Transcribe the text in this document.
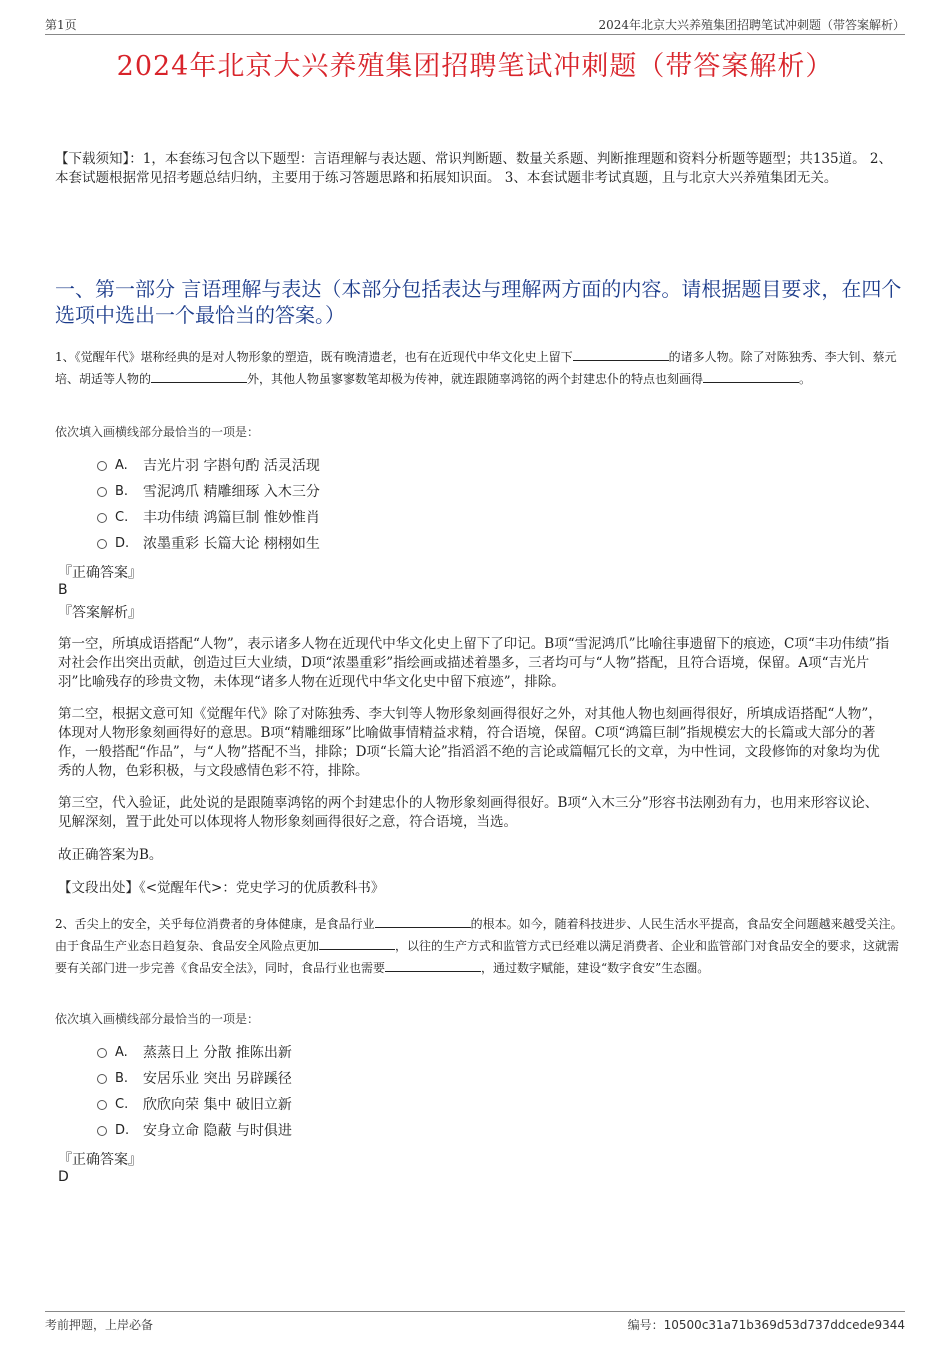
第1页	2024年北京大兴养殖集团招聘笔试冲刺题（带答案解析）
2024年北京大兴养殖集团招聘笔试冲刺题（带答案解析）
【下载须知】：1，本套练习包含以下题型：言语理解与表达题、常识判断题、数量关系题、判断推理题和资料分析题等题型；共135道。 2、本套试题根据常见招考题总结归纳，主要用于练习答题思路和拓展知识面。 3、本套试题非考试真题，且与北京大兴养殖集团无关。
一、第一部分 言语理解与表达（本部分包括表达与理解两方面的内容。请根据题目要求，在四个选项中选出一个最恰当的答案。）
1、《觉醒年代》堪称经典的是对人物形象的塑造，既有晚清遗老，也有在近现代中华文化史上留下	的诸多人物。除了对陈独秀、李大钊、蔡元培、胡适等人物的	外，其他人物虽寥寥数笔却极为传神，就连跟随辜鸿铭的两个封建忠仆的特点也刻画得	。
依次填入画横线部分最恰当的一项是：
A.	吉光片羽 字斟句酌 活灵活现
B.	雪泥鸿爪 精雕细琢 入木三分
C.	丰功伟绩 鸿篇巨制 惟妙惟肖
D. 浓墨重彩 长篇大论 栩栩如生
『正确答案』
B
『答案解析』
第一空，所填成语搭配“人物”，表示诸多人物在近现代中华文化史上留下了印记。B项“雪泥鸿爪”比喻往事遗留下的痕迹，C项“丰功伟绩”指对社会作出突出贡献，创造过巨大业绩，D项“浓墨重彩”指绘画或描述着墨多，三者均可与“人物”搭配，且符合语境，保留。A项“吉光片羽”比喻残存的珍贵文物，未体现“诸多人物在近现代中华文化史中留下痕迹”，排除。
第二空，根据文意可知《觉醒年代》除了对陈独秀、李大钊等人物形象刻画得很好之外，对其他人物也刻画得很好，所填成语搭配“人物”，体现对人物形象刻画得好的意思。B项“精雕细琢”比喻做事情精益求精，符合语境，保留。C项“鸿篇巨制”指规模宏大的长篇或大部分的著作，一般搭配“作品”，与“人物”搭配不当，排除；D项“长篇大论”指滔滔不绝的言论或篇幅冗长的文章，为中性词，文段修饰的对象均为优秀的人物，色彩积极，与文段感情色彩不符，排除。
第三空，代入验证，此处说的是跟随辜鸿铭的两个封建忠仆的人物形象刻画得很好。B项“入木三分”形容书法刚劲有力，也用来形容议论、见解深刻，置于此处可以体现将人物形象刻画得很好之意，符合语境，当选。
故正确答案为B。
【文段出处】《<觉醒年代>：党史学习的优质教科书》
2、舌尖上的安全，关乎每位消费者的身体健康，是食品行业	的根本。如今，随着科技进步、人民生活水平提高，食品安全问题越来越受关注。由于食品生产业态日趋复杂、食品安全风险点更加	，以往的生产方式和监管方式已经难以满足消费者、企业和监管部门对食品安全的要求，这就需要有关部门进一步完善《食品安全法》，同时，食品行业也需要	，通过数字赋能，建设“数字食安”生态圈。
依次填入画横线部分最恰当的一项是：
A.	蒸蒸日上 分散 推陈出新
B.	安居乐业 突出 另辟蹊径
C.	欣欣向荣 集中 破旧立新
D. 安身立命 隐蔽 与时俱进
『正确答案』
D
考前押题，上岸必备	编号：10500c31a71b369d53d737ddcede9344
